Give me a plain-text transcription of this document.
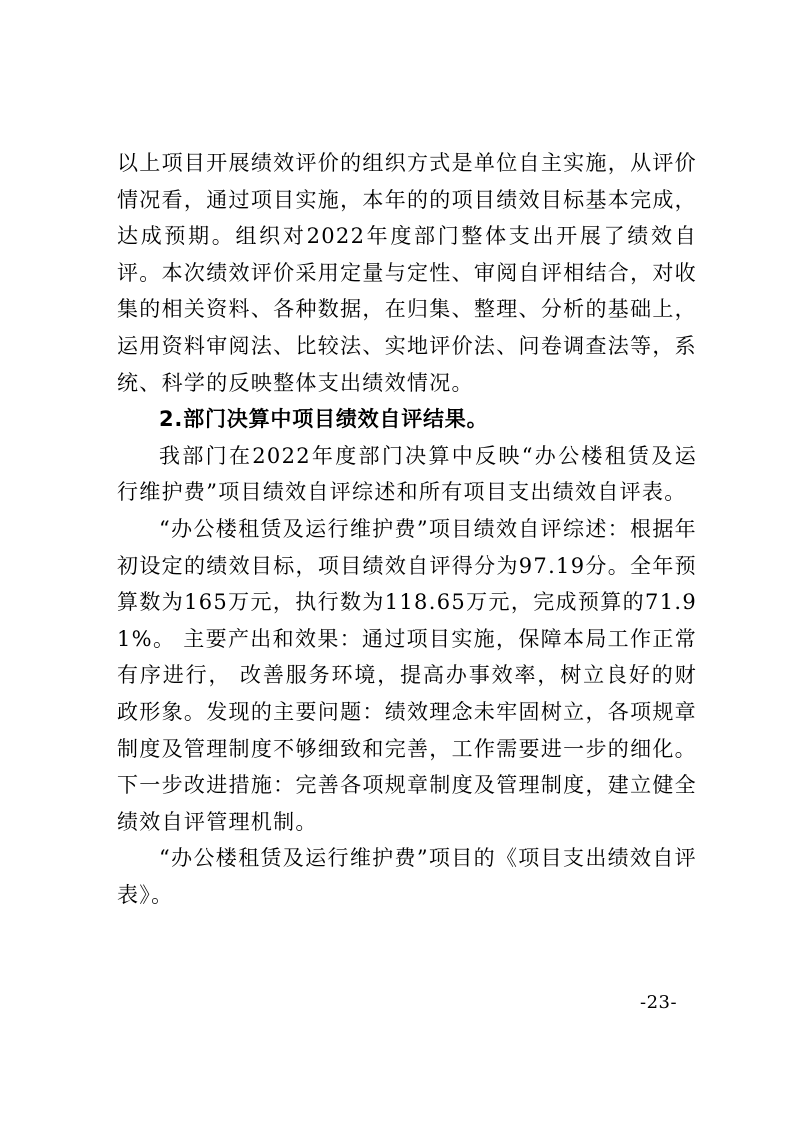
以上项目开展绩效评价的组织方式是单位自主实施，从评价情况看，通过项目实施，本年的的项目绩效目标基本完成，达成预期。组织对2022年度部门整体支出开展了绩效自评。本次绩效评价采用定量与定性、审阅自评相结合，对收集的相关资料、各种数据，在归集、整理、分析的基础上，运用资料审阅法、比较法、实地评价法、问卷调查法等，系统、科学的反映整体支出绩效情况。

2.部门决算中项目绩效自评结果。

我部门在2022年度部门决算中反映“办公楼租赁及运行维护费”项目绩效自评综述和所有项目支出绩效自评表。

“办公楼租赁及运行维护费”项目绩效自评综述：根据年初设定的绩效目标，项目绩效自评得分为97.19分。全年预算数为165万元，执行数为118.65万元，完成预算的71.91%。 主要产出和效果：通过项目实施，保障本局工作正常有序进行， 改善服务环境，提高办事效率，树立良好的财政形象。发现的主要问题：绩效理念未牢固树立，各项规章制度及管理制度不够细致和完善，工作需要进一步的细化。下一步改进措施：完善各项规章制度及管理制度，建立健全绩效自评管理机制。

“办公楼租赁及运行维护费”项目的《项目支出绩效自评表》。

-23-
